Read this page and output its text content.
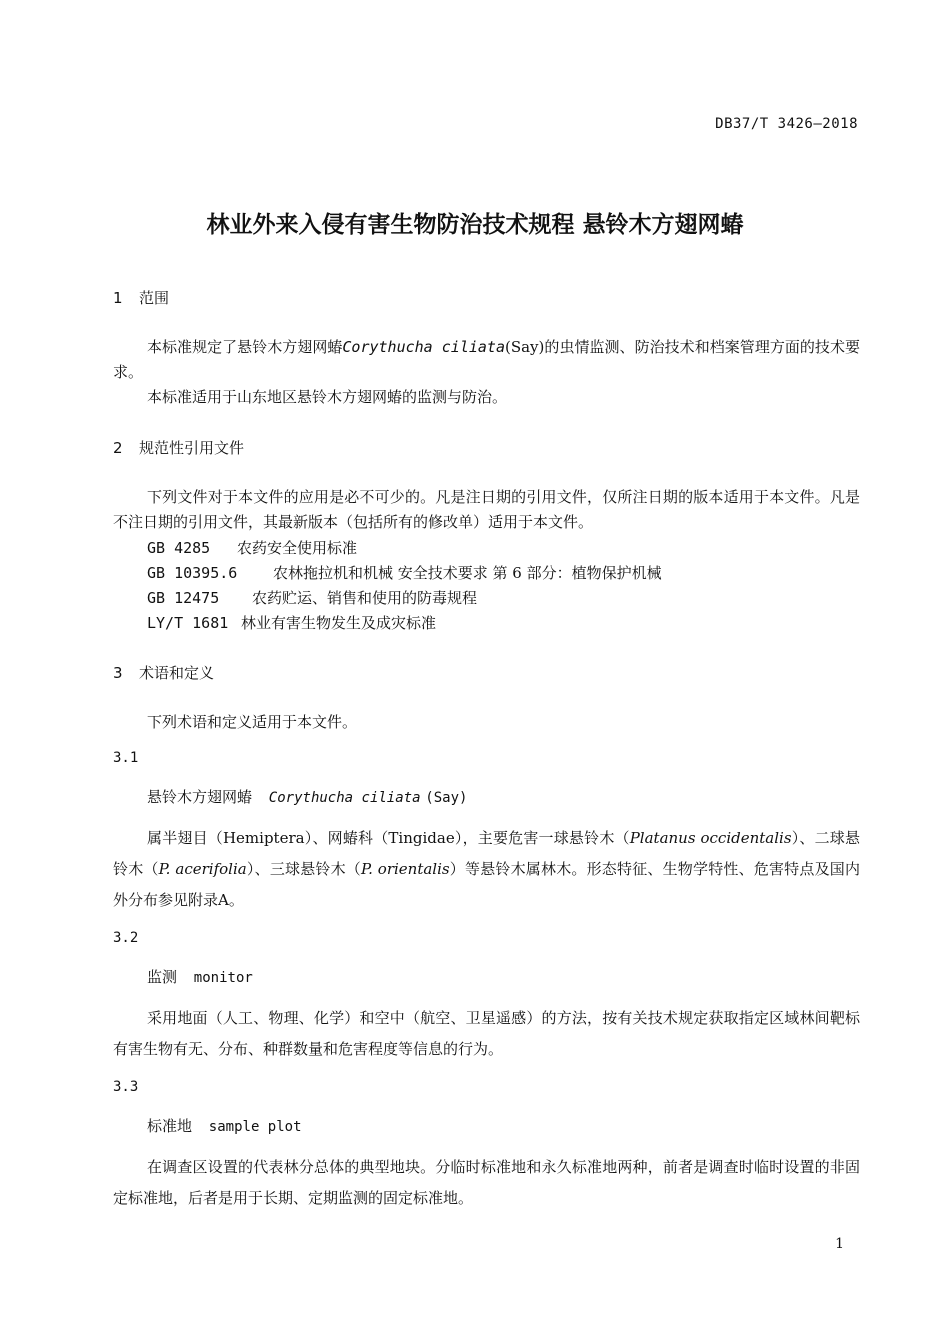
DB37/T 3426—2018
林业外来入侵有害生物防治技术规程 悬铃木方翅网蝽
1 范围
本标准规定了悬铃木方翅网蝽Corythucha ciliata(Say)的虫情监测、防治技术和档案管理方面的技术要求。
本标准适用于山东地区悬铃木方翅网蝽的监测与防治。
2 规范性引用文件
下列文件对于本文件的应用是必不可少的。凡是注日期的引用文件，仅所注日期的版本适用于本文件。凡是不注日期的引用文件，其最新版本（包括所有的修改单）适用于本文件。
GB 4285 农药安全使用标准
GB 10395.6 农林拖拉机和机械 安全技术要求 第 6 部分：植物保护机械
GB 12475 农药贮运、销售和使用的防毒规程
LY/T 1681 林业有害生物发生及成灾标准
3 术语和定义
下列术语和定义适用于本文件。
3.1
悬铃木方翅网蝽 Corythucha ciliata (Say)
属半翅目（Hemiptera）、网蝽科（Tingidae），主要危害一球悬铃木（Platanus occidentalis）、二球悬铃木（P. acerifolia）、三球悬铃木（P. orientalis）等悬铃木属林木。形态特征、生物学特性、危害特点及国内外分布参见附录A。
3.2
监测 monitor
采用地面（人工、物理、化学）和空中（航空、卫星遥感）的方法，按有关技术规定获取指定区域林间靶标有害生物有无、分布、种群数量和危害程度等信息的行为。
3.3
标准地 sample plot
在调查区设置的代表林分总体的典型地块。分临时标准地和永久标准地两种，前者是调查时临时设置的非固定标准地，后者是用于长期、定期监测的固定标准地。
1
